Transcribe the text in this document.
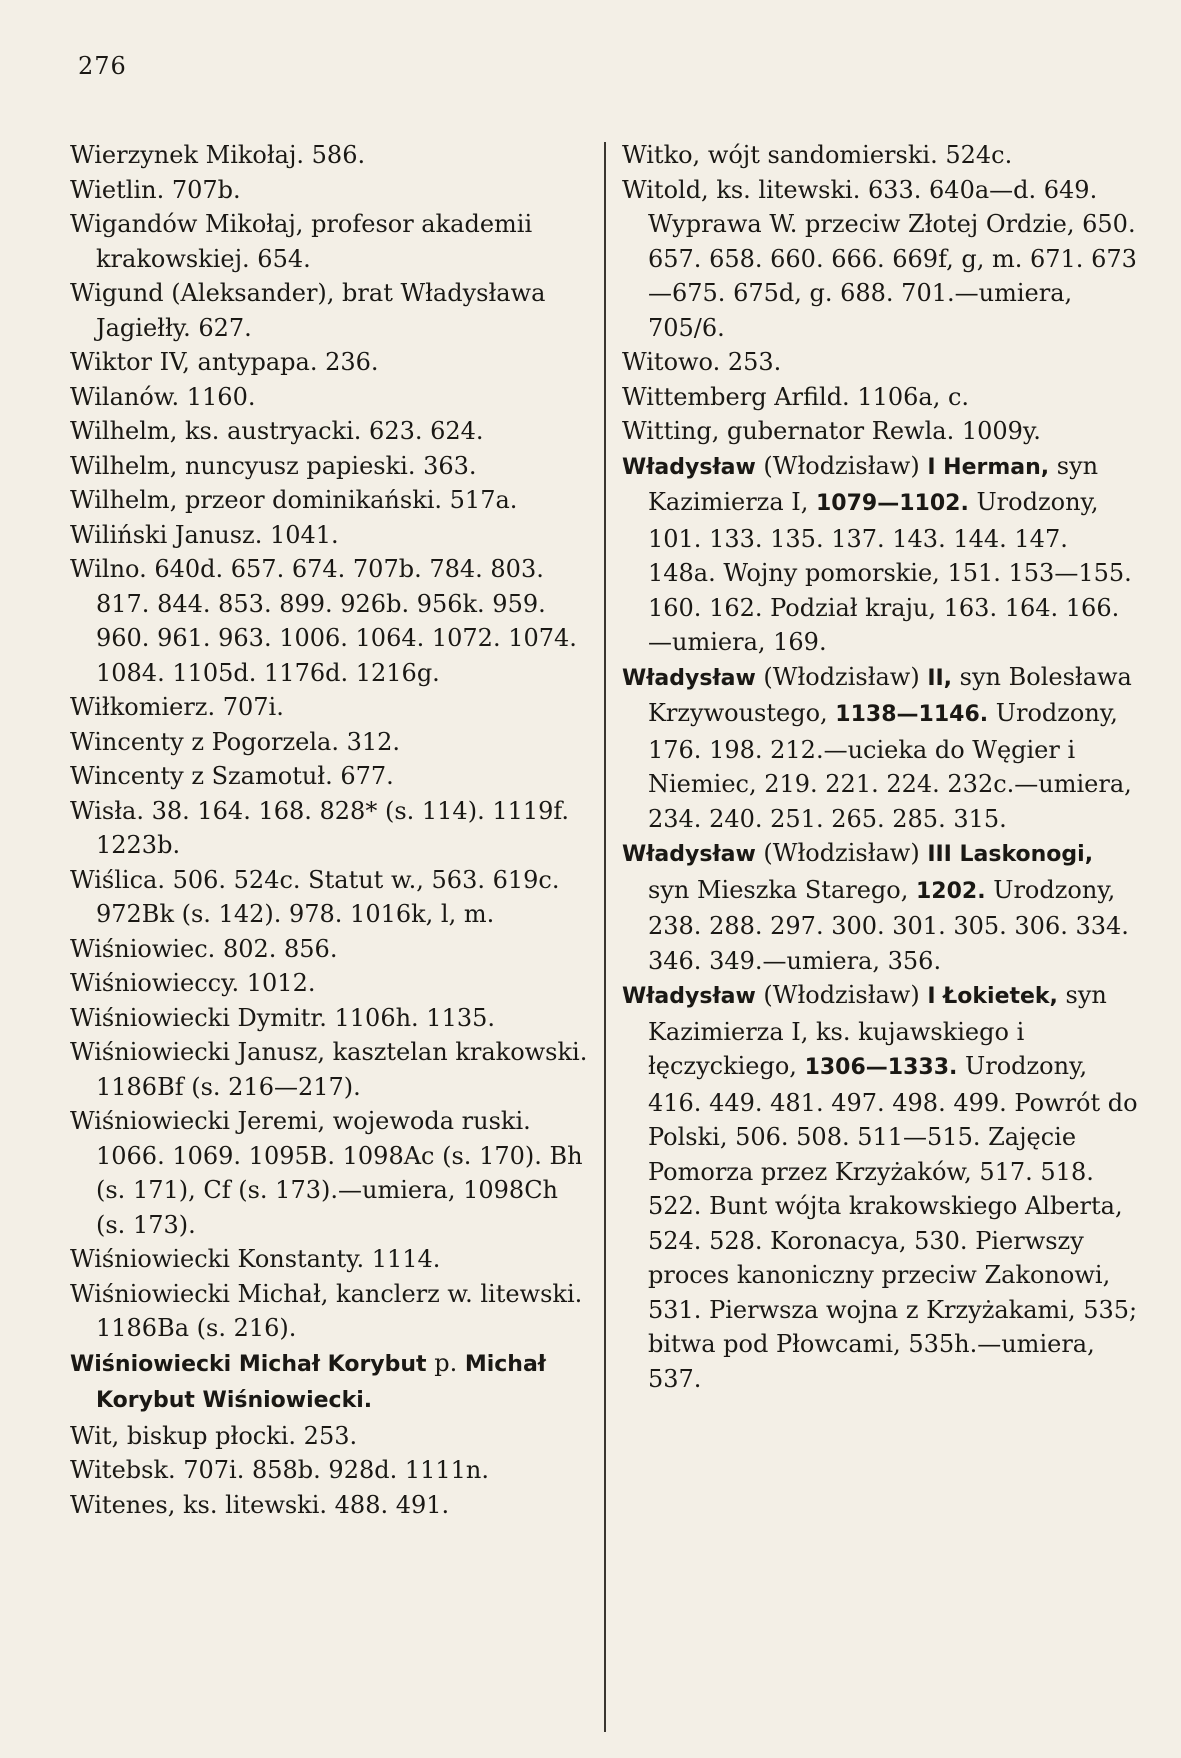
276

Wierzynek Mikołaj. 586.

Wietlin. 707b.

Wigandów Mikołaj, profesor akademii krakowskiej. 654.

Wigund (Aleksander), brat Władysława Jagiełły. 627.

Wiktor IV, antypapa. 236.

Wilanów. 1160.

Wilhelm, ks. austryacki. 623. 624.

Wilhelm, nuncyusz papieski. 363.

Wilhelm, przeor dominikański. 517a.

Wiliński Janusz. 1041.

Wilno. 640d. 657. 674. 707b. 784. 803. 817. 844. 853. 899. 926b. 956k. 959. 960. 961. 963. 1006. 1064. 1072. 1074. 1084. 1105d. 1176d. 1216g.

Wiłkomierz. 707i.

Wincenty z Pogorzela. 312.

Wincenty z Szamotuł. 677.

Wisła. 38. 164. 168. 828* (s. 114). 1119f. 1223b.

Wiślica. 506. 524c. Statut w., 563. 619c. 972Bk (s. 142). 978. 1016k, l, m.

Wiśniowiec. 802. 856.

Wiśniowieccy. 1012.

Wiśniowiecki Dymitr. 1106h. 1135.

Wiśniowiecki Janusz, kasztelan krakowski. 1186Bf (s. 216—217).

Wiśniowiecki Jeremi, wojewoda ruski. 1066. 1069. 1095B. 1098Ac (s. 170). Bh (s. 171), Cf (s. 173).—umiera, 1098Ch (s. 173).

Wiśniowiecki Konstanty. 1114.

Wiśniowiecki Michał, kanclerz w. litewski. 1186Ba (s. 216).

Wiśniowiecki Michał Korybut p. Michał Korybut Wiśniowiecki.

Wit, biskup płocki. 253.

Witebsk. 707i. 858b. 928d. 1111n.

Witenes, ks. litewski. 488. 491.

Witko, wójt sandomierski. 524c.

Witold, ks. litewski. 633. 640a—d. 649. Wyprawa W. przeciw Złotej Ordzie, 650. 657. 658. 660. 666. 669f, g, m. 671. 673—675. 675d, g. 688. 701.—umiera, 705/6.

Witowo. 253.

Wittemberg Arfild. 1106a, c.

Witting, gubernator Rewla. 1009y.

Władysław (Włodzisław) I Herman, syn Kazimierza I, 1079—1102. Urodzony, 101. 133. 135. 137. 143. 144. 147. 148a. Wojny pomorskie, 151. 153—155. 160. 162. Podział kraju, 163. 164. 166.—umiera, 169.

Władysław (Włodzisław) II, syn Bolesława Krzywoustego, 1138—1146. Urodzony, 176. 198. 212.—ucieka do Węgier i Niemiec, 219. 221. 224. 232c.—umiera, 234. 240. 251. 265. 285. 315.

Władysław (Włodzisław) III Laskonogi, syn Mieszka Starego, 1202. Urodzony, 238. 288. 297. 300. 301. 305. 306. 334. 346. 349.—umiera, 356.

Władysław (Włodzisław) I Łokietek, syn Kazimierza I, ks. kujawskiego i łęczyckiego, 1306—1333. Urodzony, 416. 449. 481. 497. 498. 499. Powrót do Polski, 506. 508. 511—515. Zajęcie Pomorza przez Krzyżaków, 517. 518. 522. Bunt wójta krakowskiego Alberta, 524. 528. Koronacya, 530. Pierwszy proces kanoniczny przeciw Zakonowi, 531. Pierwsza wojna z Krzyżakami, 535; bitwa pod Płowcami, 535h.—umiera, 537.
